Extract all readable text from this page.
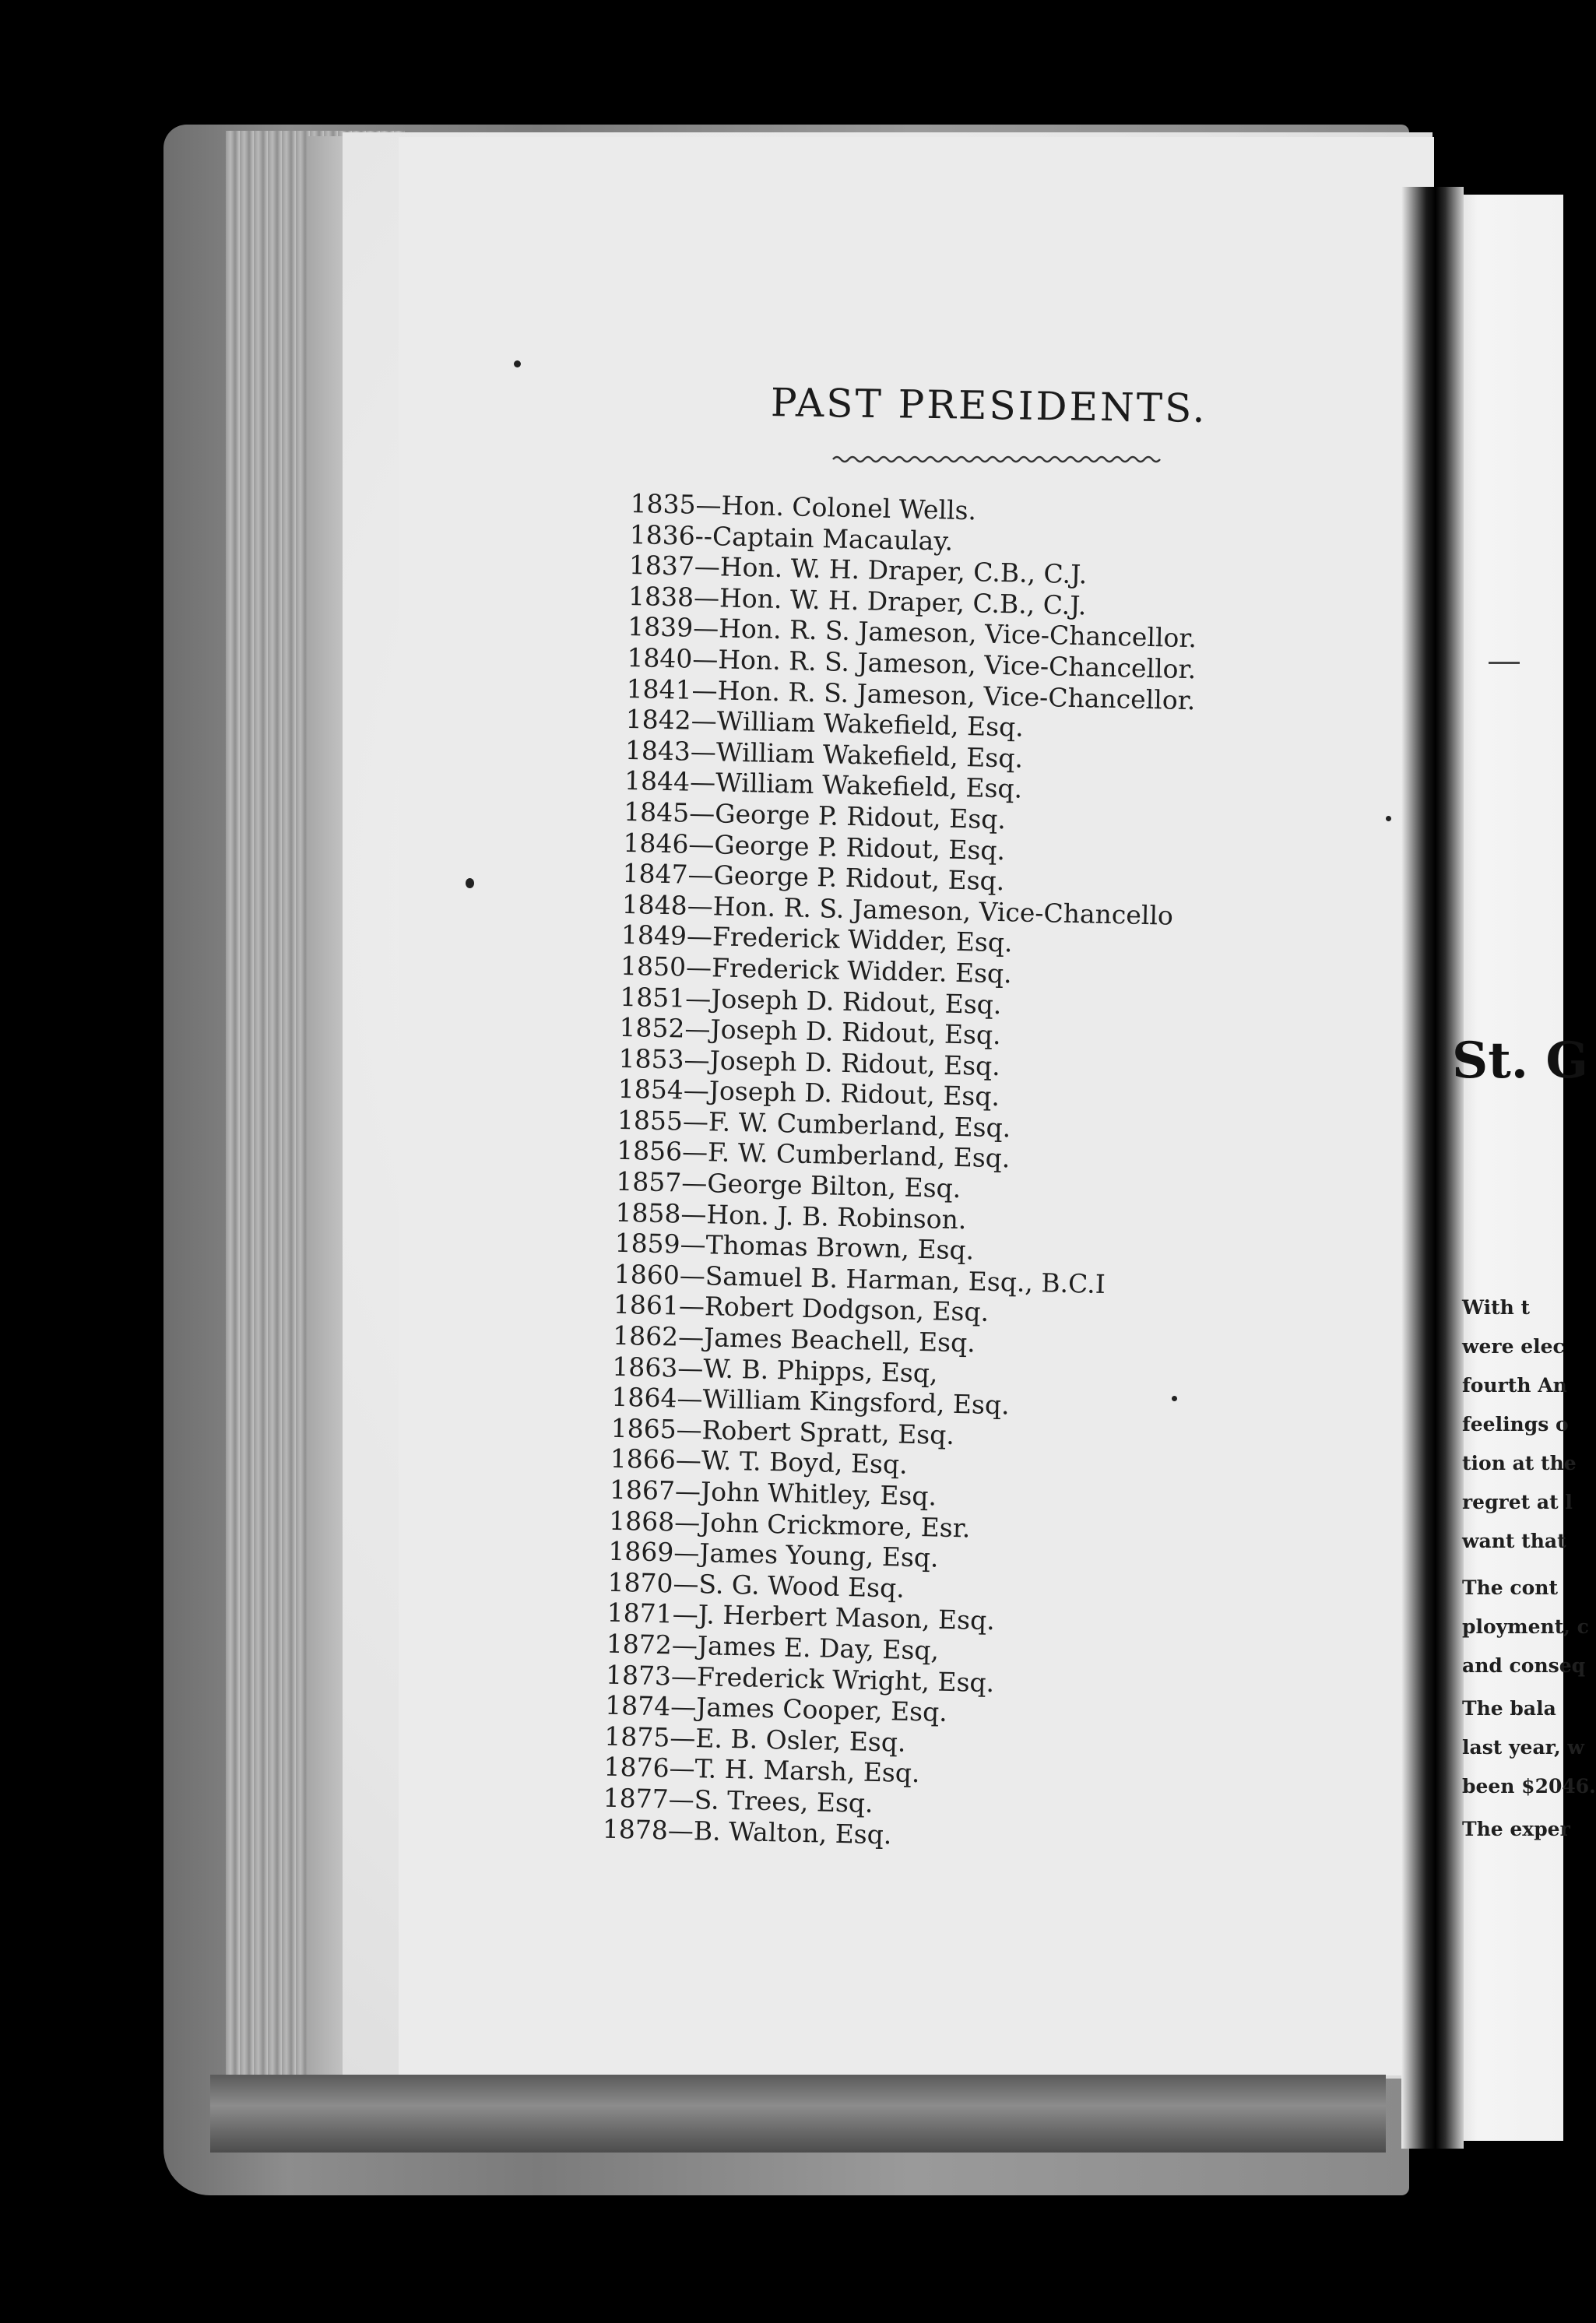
PAST PRESIDENTS.
1835—Hon. Colonel Wells.
1836--Captain Macaulay.
1837—Hon. W. H. Draper, C.B., C.J.
1838—Hon. W. H. Draper, C.B., C.J.
1839—Hon. R. S. Jameson, Vice-Chancellor.
1840—Hon. R. S. Jameson, Vice-Chancellor.
1841—Hon. R. S. Jameson, Vice-Chancellor.
1842—William Wakefield, Esq.
1843—William Wakefield, Esq.
1844—William Wakefield, Esq.
1845—George P. Ridout, Esq.
1846—George P. Ridout, Esq.
1847—George P. Ridout, Esq.
1848—Hon. R. S. Jameson, Vice-Chancello
1849—Frederick Widder, Esq.
1850—Frederick Widder. Esq.
1851—Joseph D. Ridout, Esq.
1852—Joseph D. Ridout, Esq.
1853—Joseph D. Ridout, Esq.
1854—Joseph D. Ridout, Esq.
1855—F. W. Cumberland, Esq.
1856—F. W. Cumberland, Esq.
1857—George Bilton, Esq.
1858—Hon. J. B. Robinson.
1859—Thomas Brown, Esq.
1860—Samuel B. Harman, Esq., B.C.I
1861—Robert Dodgson, Esq.
1862—James Beachell, Esq.
1863—W. B. Phipps, Esq,
1864—William Kingsford, Esq.
1865—Robert Spratt, Esq.
1866—W. T. Boyd, Esq.
1867—John Whitley, Esq.
1868—John Crickmore, Esr.
1869—James Young, Esq.
1870—S. G. Wood Esq.
1871—J. Herbert Mason, Esq.
1872—James E. Day, Esq,
1873—Frederick Wright, Esq.
1874—James Cooper, Esq.
1875—E. B. Osler, Esq.
1876—T. H. Marsh, Esq.
1877—S. Trees, Esq.
1878—B. Walton, Esq.
St. G
With t
were elec
fourth An
feelings o
tion at the
regret at l
want that
The cont
ployment, c
and conseq
The bala
last year, w
been $2046.
The exper
